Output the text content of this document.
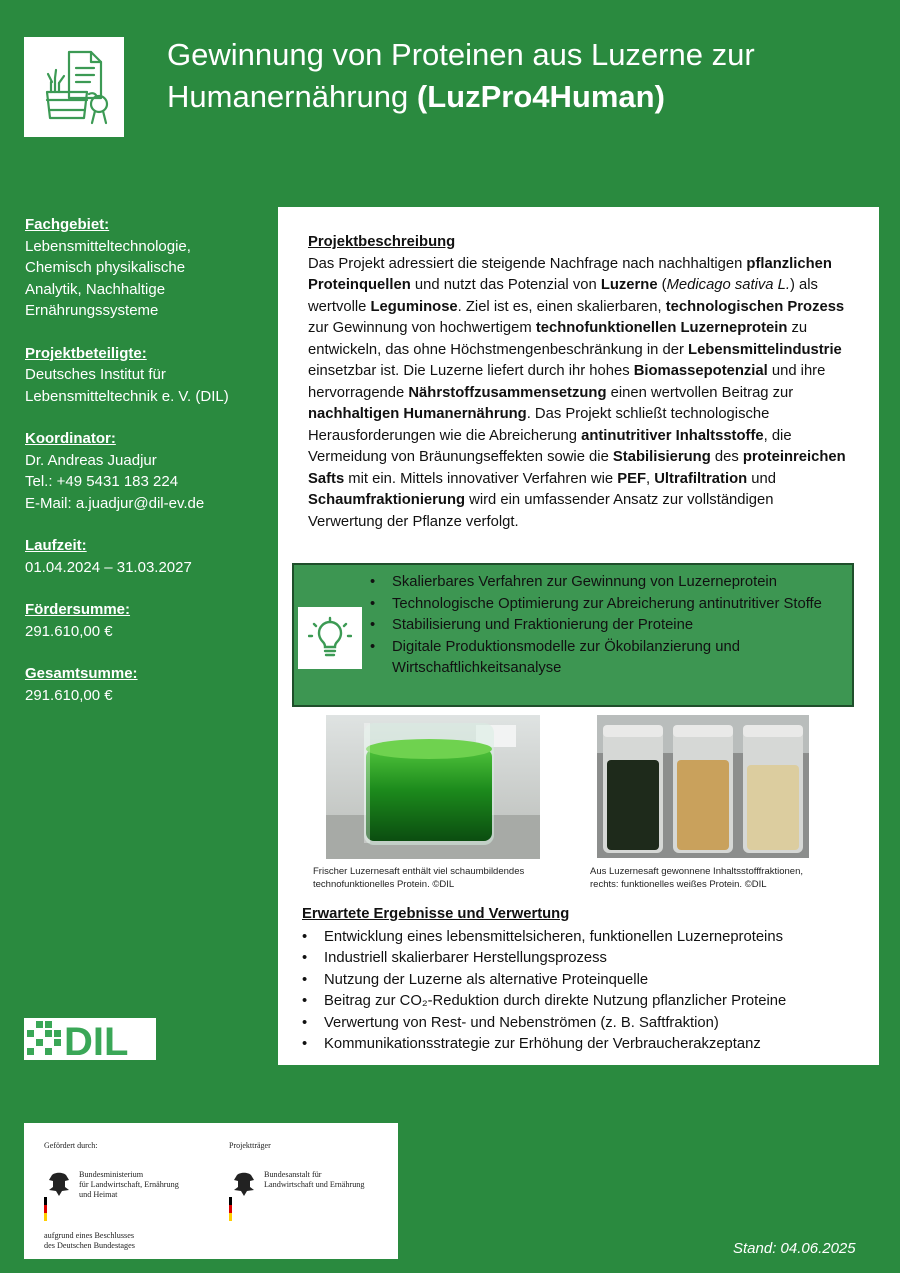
Gewinnung von Proteinen aus Luzerne zur
Humanernährung (LuzPro4Human)
Fachgebiet:
Lebensmitteltechnologie,
Chemisch physikalische
Analytik, Nachhaltige
Ernährungssysteme
Projektbeteiligte:
Deutsches Institut für
Lebensmitteltechnik e. V. (DIL)
Koordinator:
Dr. Andreas Juadjur
Tel.: +49 5431 183 224
E-Mail: a.juadjur@dil-ev.de
Laufzeit:
01.04.2024 – 31.03.2027
Fördersumme:
291.610,00 €
Gesamtsumme:
291.610,00 €
DIL
Projektbeschreibung
Das Projekt adressiert die steigende Nachfrage nach nachhaltigen pflanzlichen Proteinquellen und nutzt das Potenzial von Luzerne (Medicago sativa L.) als wertvolle Leguminose. Ziel ist es, einen skalierbaren, technologischen Prozess zur Gewinnung von hochwertigem technofunktionellen Luzerneprotein zu entwickeln, das ohne Höchstmengenbeschränkung in der Lebensmittelindustrie einsetzbar ist. Die Luzerne liefert durch ihr hohes Biomassepotenzial und ihre hervorragende Nährstoffzusammensetzung einen wertvollen Beitrag zur nachhaltigen Humanernährung. Das Projekt schließt technologische Herausforderungen wie die Abreicherung antinutritiver Inhaltsstoffe, die Vermeidung von Bräunungseffekten sowie die Stabilisierung des proteinreichen Safts mit ein. Mittels innovativer Verfahren wie PEF, Ultrafiltration und Schaumfraktionierung wird ein umfassender Ansatz zur vollständigen Verwertung der Pflanze verfolgt.
• Skalierbares Verfahren zur Gewinnung von Luzerneprotein
• Technologische Optimierung zur Abreicherung antinutritiver Stoffe
• Stabilisierung und Fraktionierung der Proteine
• Digitale Produktionsmodelle zur Ökobilanzierung und Wirtschaftlichkeitsanalyse
Frischer Luzernesaft enthält viel schaumbildendes
technofunktionelles Protein. ©DIL
Aus Luzernesaft gewonnene Inhaltsstofffraktionen,
rechts: funktionelles weißes Protein. ©DIL
Erwartete Ergebnisse und Verwertung
• Entwicklung eines lebensmittelsicheren, funktionellen Luzerneproteins
• Industriell skalierbarer Herstellungsprozess
• Nutzung der Luzerne als alternative Proteinquelle
• Beitrag zur CO₂-Reduktion durch direkte Nutzung pflanzlicher Proteine
• Verwertung von Rest- und Nebenströmen (z. B. Saftfraktion)
• Kommunikationsstrategie zur Erhöhung der Verbraucherakzeptanz
Gefördert durch:	Projektträger
Bundesministerium
für Landwirtschaft, Ernährung
und Heimat
Bundesanstalt für
Landwirtschaft und Ernährung
aufgrund eines Beschlusses
des Deutschen Bundestages	Stand: 04.06.2025
